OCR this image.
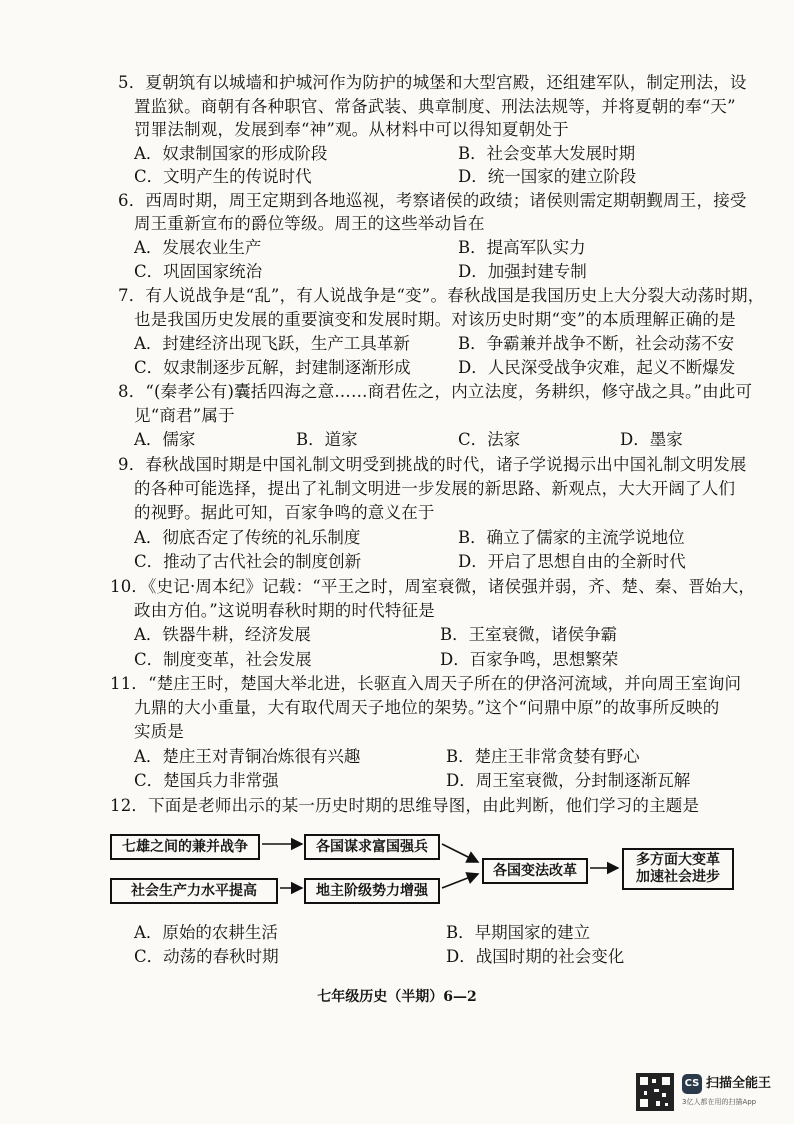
5．夏朝筑有以城墙和护城河作为防护的城堡和大型宫殿，还组建军队，制定刑法，设
置监狱。商朝有各种职官、常备武装、典章制度、刑法法规等，并将夏朝的奉“天”
罚罪法制观，发展到奉“神”观。从材料中可以得知夏朝处于
A．奴隶制国家的形成阶段	B．社会变革大发展时期
C．文明产生的传说时代	D．统一国家的建立阶段
6．西周时期，周王定期到各地巡视，考察诸侯的政绩；诸侯则需定期朝觐周王，接受
周王重新宣布的爵位等级。周王的这些举动旨在
A．发展农业生产	B．提高军队实力
C．巩固国家统治	D．加强封建专制
7．有人说战争是“乱”，有人说战争是“变”。春秋战国是我国历史上大分裂大动荡时期，
也是我国历史发展的重要演变和发展时期。对该历史时期“变”的本质理解正确的是
A．封建经济出现飞跃，生产工具革新	B．争霸兼并战争不断，社会动荡不安
C．奴隶制逐步瓦解，封建制逐渐形成	D．人民深受战争灾难，起义不断爆发
8．“(秦孝公有)囊括四海之意……商君佐之，内立法度，务耕织，修守战之具。”由此可
见“商君”属于
A．儒家	B．道家	C．法家	D．墨家
9．春秋战国时期是中国礼制文明受到挑战的时代，诸子学说揭示出中国礼制文明发展
的各种可能选择，提出了礼制文明进一步发展的新思路、新观点，大大开阔了人们
的视野。据此可知，百家争鸣的意义在于
A．彻底否定了传统的礼乐制度	B．确立了儒家的主流学说地位
C．推动了古代社会的制度创新	D．开启了思想自由的全新时代
10．《史记·周本纪》记载：“平王之时，周室衰微，诸侯强并弱，齐、楚、秦、晋始大，
政由方伯。”这说明春秋时期的时代特征是
A．铁器牛耕，经济发展	B．王室衰微，诸侯争霸
C．制度变革，社会发展	D．百家争鸣，思想繁荣
11．“楚庄王时，楚国大举北进，长驱直入周天子所在的伊洛河流域，并向周王室询问
九鼎的大小重量，大有取代周天子地位的架势。”这个“问鼎中原”的故事所反映的
实质是
A．楚庄王对青铜冶炼很有兴趣	B．楚庄王非常贪婪有野心
C．楚国兵力非常强	D．周王室衰微，分封制逐渐瓦解
12．下面是老师出示的某一历史时期的思维导图，由此判断，他们学习的主题是
七雄之间的兼并战争	各国谋求富国强兵
社会生产力水平提高	地主阶级势力增强
各国变法改革
多方面大变革
加速社会进步
A．原始的农耕生活	B．早期国家的建立
C．动荡的春秋时期	D．战国时期的社会变化
七年级历史（半期）6—2
CS 扫描全能王
3亿人都在用的扫描App
